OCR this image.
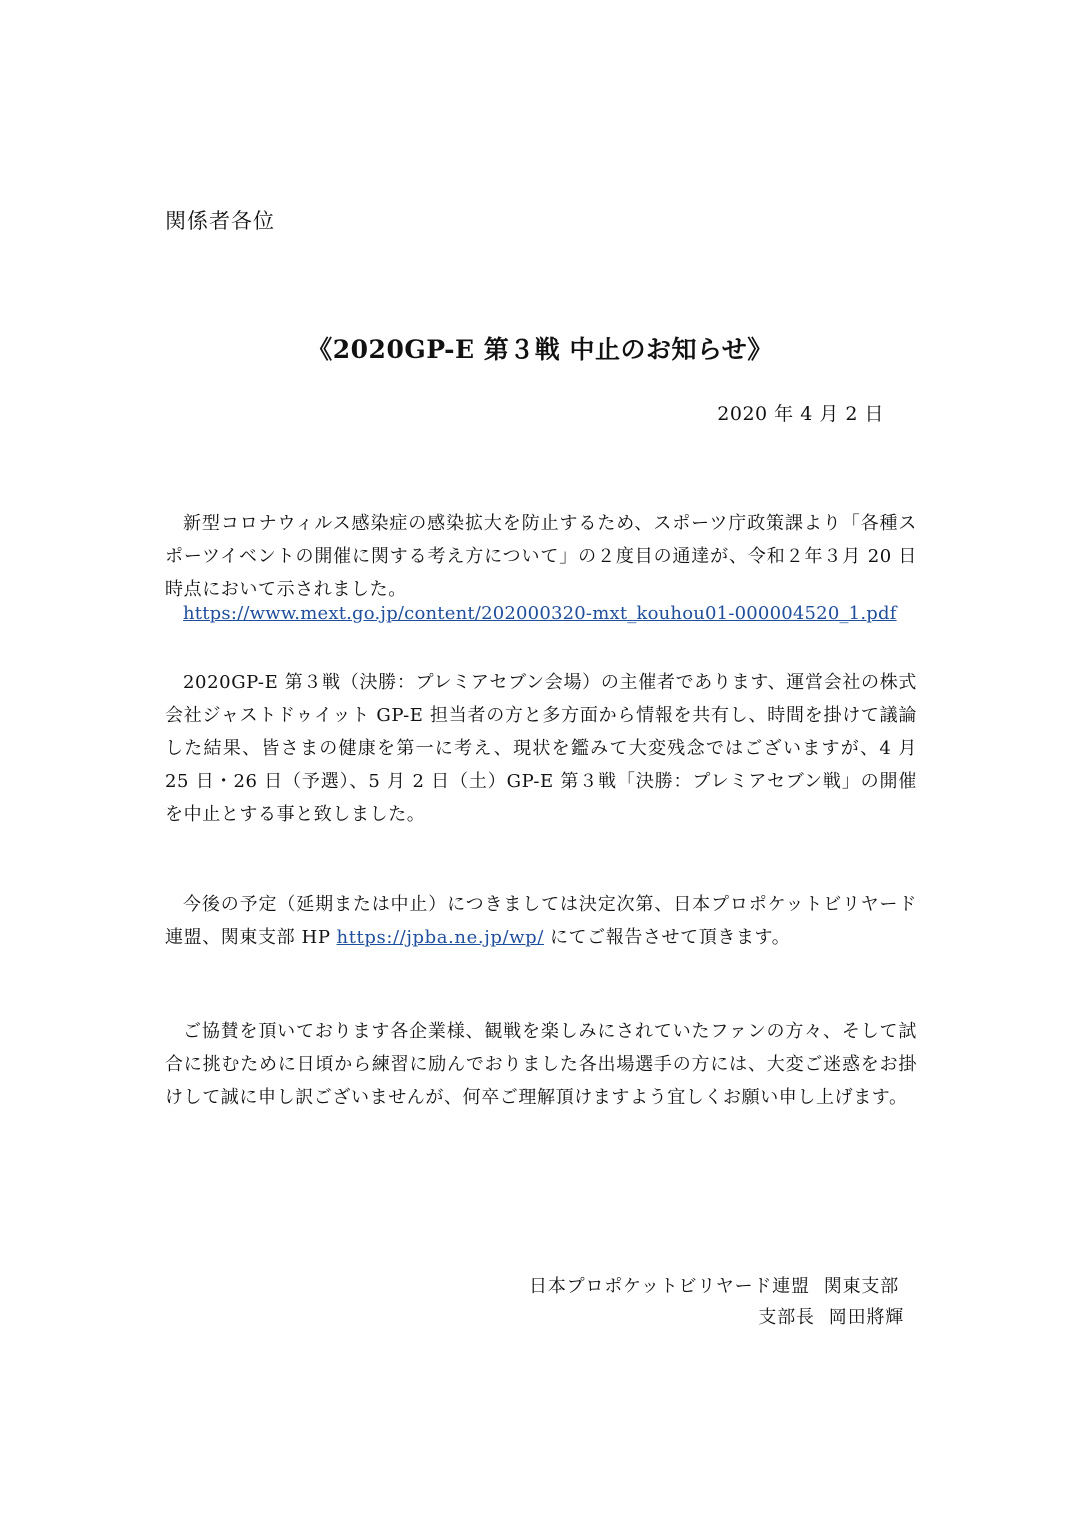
関係者各位
《2020GP-E 第３戦 中止のお知らせ》
2020 年 4 月 2 日
新型コロナウィルス感染症の感染拡大を防止するため、スポーツ庁政策課より「各種スポーツイベントの開催に関する考え方について」の２度目の通達が、令和２年３月 20 日時点において示されました。
https://www.mext.go.jp/content/202000320-mxt_kouhou01-000004520_1.pdf
2020GP-E 第３戦（決勝：プレミアセブン会場）の主催者であります、運営会社の株式会社ジャストドゥイット GP-E 担当者の方と多方面から情報を共有し、時間を掛けて議論した結果、皆さまの健康を第一に考え、現状を鑑みて大変残念ではございますが、4 月 25 日・26 日（予選）、5 月 2 日（土）GP-E 第３戦「決勝：プレミアセブン戦」の開催を中止とする事と致しました。
今後の予定（延期または中止）につきましては決定次第、日本プロポケットビリヤード連盟、関東支部 HP https://jpba.ne.jp/wp/ にてご報告させて頂きます。
ご協賛を頂いております各企業様、観戦を楽しみにされていたファンの方々、そして試合に挑むために日頃から練習に励んでおりました各出場選手の方には、大変ご迷惑をお掛けして誠に申し訳ございませんが、何卒ご理解頂けますよう宜しくお願い申し上げます。
日本プロポケットビリヤード連盟 関東支部
支部長 岡田將輝
